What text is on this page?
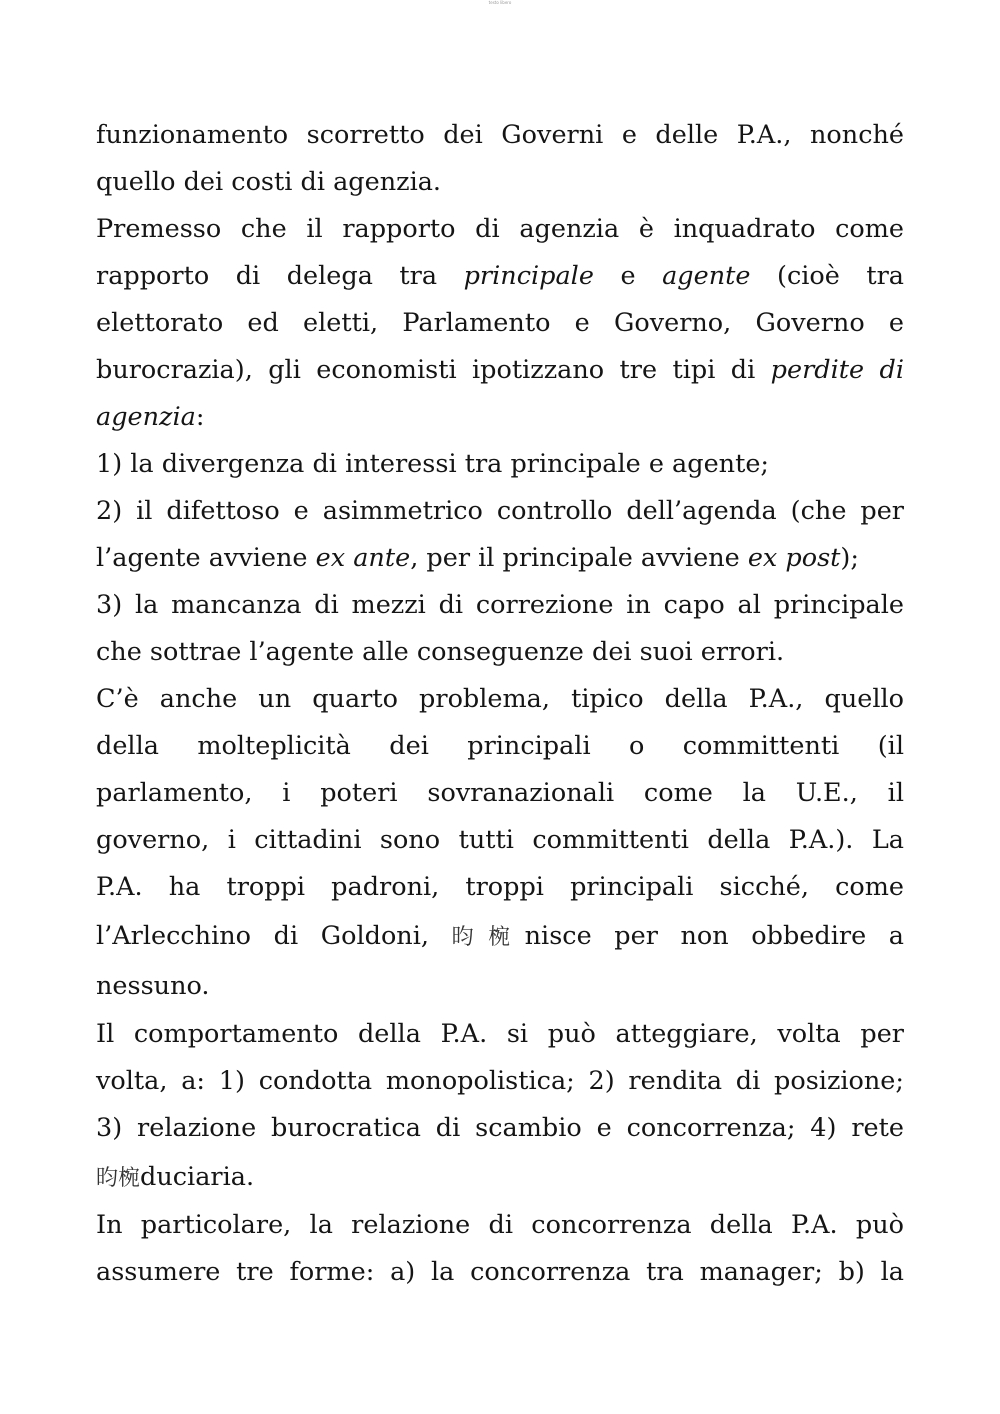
testo libero

funzionamento scorretto dei Governi e delle P.A., nonché
quello dei costi di agenzia.

Premesso che il rapporto di agenzia è inquadrato come
rapporto di delega tra principale e agente (cioè tra
elettorato ed eletti, Parlamento e Governo, Governo e
burocrazia), gli economisti ipotizzano tre tipi di perdite di
agenzia:

1) la divergenza di interessi tra principale e agente;

2) il difettoso e asimmetrico controllo dell’agenda (che per
l’agente avviene ex ante, per il principale avviene ex post);

3) la mancanza di mezzi di correzione in capo al principale
che sottrae l’agente alle conseguenze dei suoi errori.

C’è anche un quarto problema, tipico della P.A., quello
della molteplicità dei principali o committenti (il
parlamento, i poteri sovranazionali come la U.E., il
governo, i cittadini sono tutti committenti della P.A.). La
P.A. ha troppi padroni, troppi principali sicché, come
l’Arlecchino di Goldoni, 昀椀nisce per non obbedire a
nessuno.

Il comportamento della P.A. si può atteggiare, volta per
volta, a: 1) condotta monopolistica; 2) rendita di posizione;
3) relazione burocratica di scambio e concorrenza; 4) rete
昀椀duciaria.

In particolare, la relazione di concorrenza della P.A. può
assumere tre forme: a) la concorrenza tra manager; b) la
